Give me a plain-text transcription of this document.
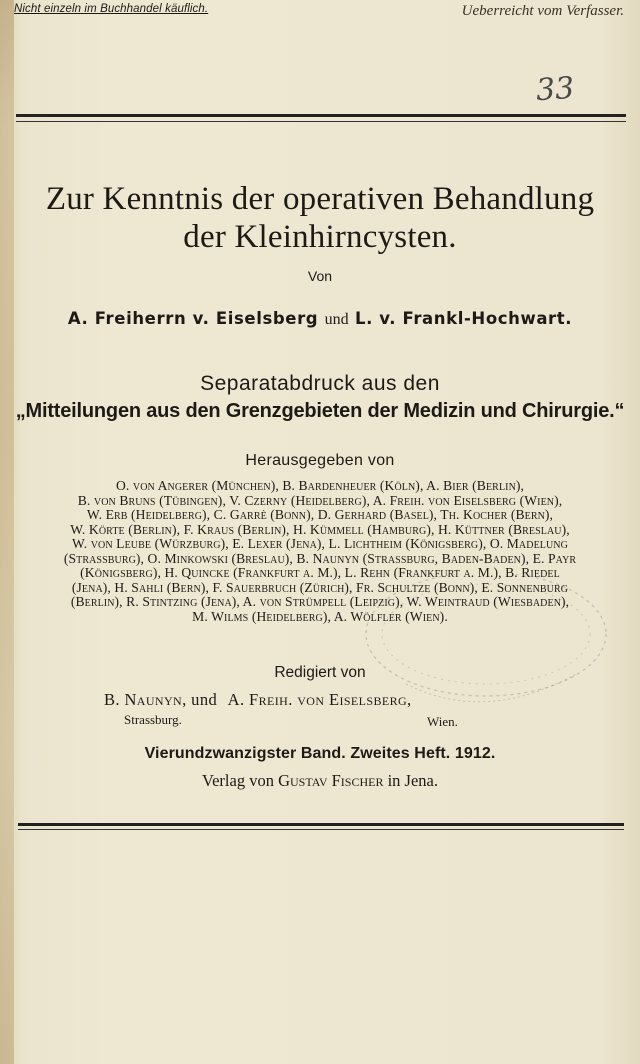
Nicht einzeln im Buchhandel käuflich.	Ueberreicht vom Verfasser.
33
Zur Kenntnis der operativen Behandlung
der Kleinhirncysten.
Von
A. Freiherrn v. Eiselsberg und L. v. Frankl-Hochwart.
Separatabdruck aus den
„Mitteilungen aus den Grenzgebieten der Medizin und Chirurgie.“
Herausgegeben von
O. von Angerer (München), B. Bardenheuer (Köln), A. Bier (Berlin),
B. von Bruns (Tübingen), V. Czerny (Heidelberg), A. Freih. von Eiselsberg (Wien),
W. Erb (Heidelberg), C. Garrè (Bonn), D. Gerhard (Basel), Th. Kocher (Bern),
W. Körte (Berlin), F. Kraus (Berlin), H. Kümmell (Hamburg), H. Küttner (Breslau),
W. von Leube (Würzburg), E. Lexer (Jena), L. Lichtheim (Königsberg), O. Madelung
(Strassburg), O. Minkowski (Breslau), B. Naunyn (Strassburg, Baden-Baden), E. Payr
(Königsberg), H. Quincke (Frankfurt a. M.), L. Rehn (Frankfurt a. M.), B. Riedel
(Jena), H. Sahli (Bern), F. Sauerbruch (Zürich), Fr. Schultze (Bonn), E. Sonnenburg
(Berlin), R. Stintzing (Jena), A. von Strümpell (Leipzig), W. Weintraud (Wiesbaden),
M. Wilms (Heidelberg), A. Wölfler (Wien).
Redigiert von
B. Naunyn, und A. Freih. von Eiselsberg,
Strassburg.	Wien.
Vierundzwanzigster Band. Zweites Heft. 1912.
Verlag von Gustav Fischer in Jena.
